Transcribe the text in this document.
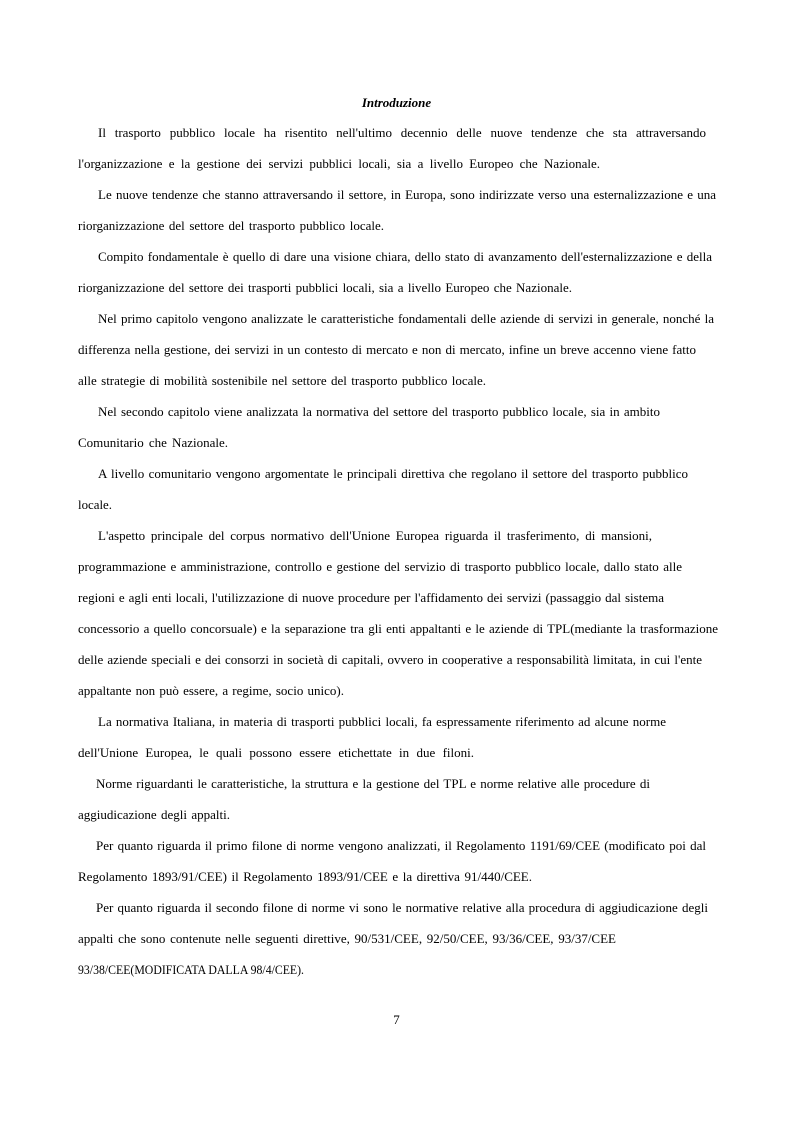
Introduzione

Il trasporto pubblico locale ha risentito nell'ultimo decennio delle nuove tendenze che sta attraversando

l'organizzazione e la gestione dei servizi pubblici locali, sia a livello Europeo che Nazionale.

Le nuove tendenze che stanno attraversando il settore, in Europa, sono indirizzate verso una esternalizzazione e una

riorganizzazione del settore del trasporto pubblico locale.

Compito fondamentale è quello di dare una visione chiara, dello stato di avanzamento dell'esternalizzazione e della

riorganizzazione del settore dei trasporti pubblici locali, sia a livello Europeo che Nazionale.

Nel primo capitolo vengono analizzate le caratteristiche fondamentali delle aziende di servizi in generale, nonché la

differenza nella gestione, dei servizi in un contesto di mercato e non di mercato, infine un breve accenno viene fatto

alle strategie di mobilità sostenibile nel settore del trasporto pubblico locale.

Nel secondo capitolo viene analizzata la normativa del settore del trasporto pubblico locale, sia in ambito

Comunitario che Nazionale.

A livello comunitario vengono argomentate le principali direttiva che regolano il settore del trasporto pubblico

locale.

L'aspetto principale del corpus normativo dell'Unione Europea riguarda il trasferimento, di mansioni,

programmazione e amministrazione, controllo e gestione del servizio di trasporto pubblico locale, dallo stato alle

regioni e agli enti locali, l'utilizzazione di nuove procedure per l'affidamento dei servizi (passaggio dal sistema

concessorio a quello concorsuale) e la separazione tra gli enti appaltanti e le aziende di TPL(mediante la trasformazione

delle aziende speciali e dei consorzi in società di capitali, ovvero in cooperative a responsabilità limitata, in cui l'ente

appaltante non può essere, a regime, socio unico).

La normativa Italiana, in materia di trasporti pubblici locali, fa espressamente riferimento ad alcune norme

dell'Unione Europea, le quali possono essere etichettate in due filoni.

Norme riguardanti le caratteristiche, la struttura e la gestione del TPL e norme relative alle procedure di

aggiudicazione degli appalti.

Per quanto riguarda il primo filone di norme vengono analizzati, il Regolamento 1191/69/CEE (modificato poi dal

Regolamento 1893/91/CEE) il Regolamento 1893/91/CEE e la direttiva 91/440/CEE.

Per quanto riguarda il secondo filone di norme vi sono le normative relative alla procedura di aggiudicazione degli

appalti che sono contenute nelle seguenti direttive, 90/531/CEE, 92/50/CEE, 93/36/CEE, 93/37/CEE

93/38/CEE(MODIFICATA DALLA 98/4/CEE).

7
